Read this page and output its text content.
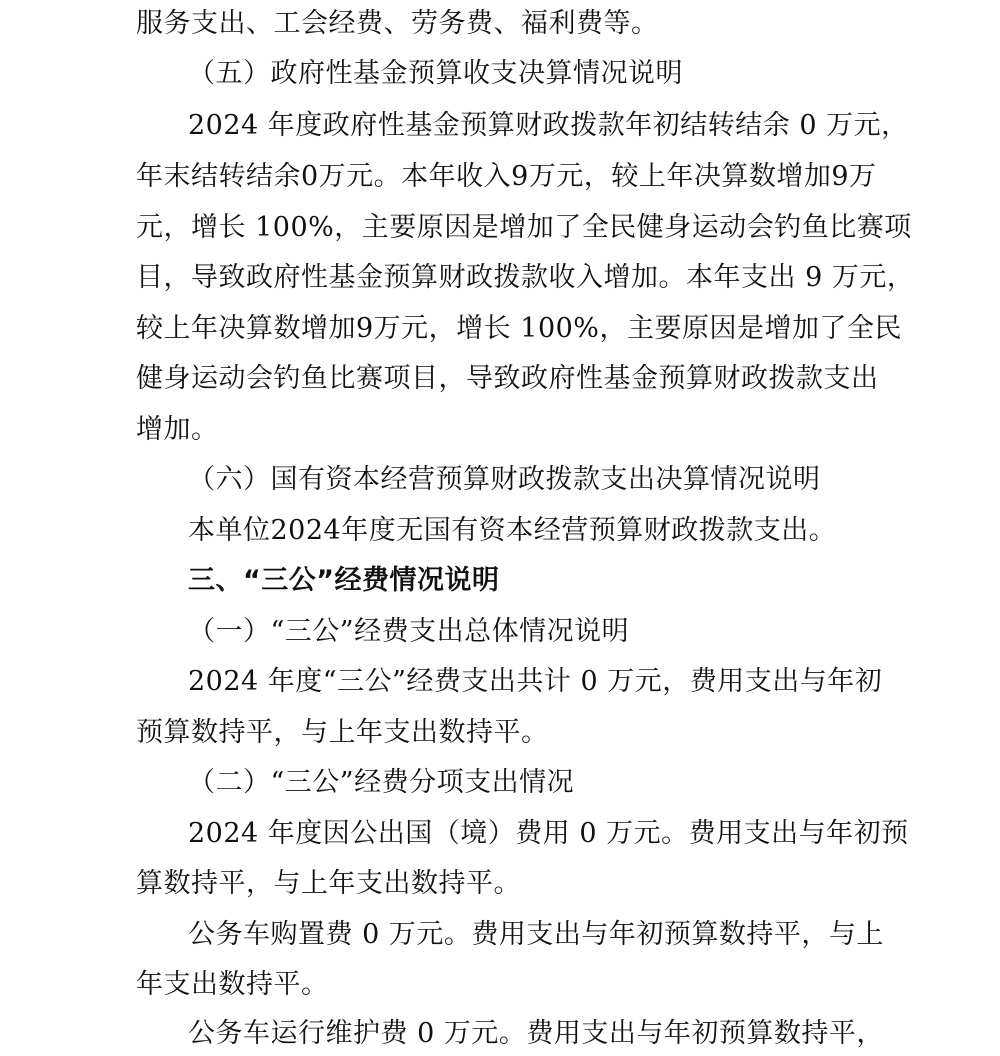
服务支出、工会经费、劳务费、福利费等。
（五）政府性基金预算收支决算情况说明
2024 年度政府性基金预算财政拨款年初结转结余 0 万元，
年末结转结余0万元。本年收入9万元，较上年决算数增加9万
元，增长 100%，主要原因是增加了全民健身运动会钓鱼比赛项
目，导致政府性基金预算财政拨款收入增加。本年支出 9 万元，
较上年决算数增加9万元，增长 100%，主要原因是增加了全民
健身运动会钓鱼比赛项目，导致政府性基金预算财政拨款支出
增加。
（六）国有资本经营预算财政拨款支出决算情况说明
本单位2024年度无国有资本经营预算财政拨款支出。
三、“三公”经费情况说明
（一）“三公”经费支出总体情况说明
2024 年度“三公”经费支出共计 0 万元，费用支出与年初
预算数持平，与上年支出数持平。
（二）“三公”经费分项支出情况
2024 年度因公出国（境）费用 0 万元。费用支出与年初预
算数持平，与上年支出数持平。
公务车购置费 0 万元。费用支出与年初预算数持平，与上
年支出数持平。
公务车运行维护费 0 万元。费用支出与年初预算数持平，
